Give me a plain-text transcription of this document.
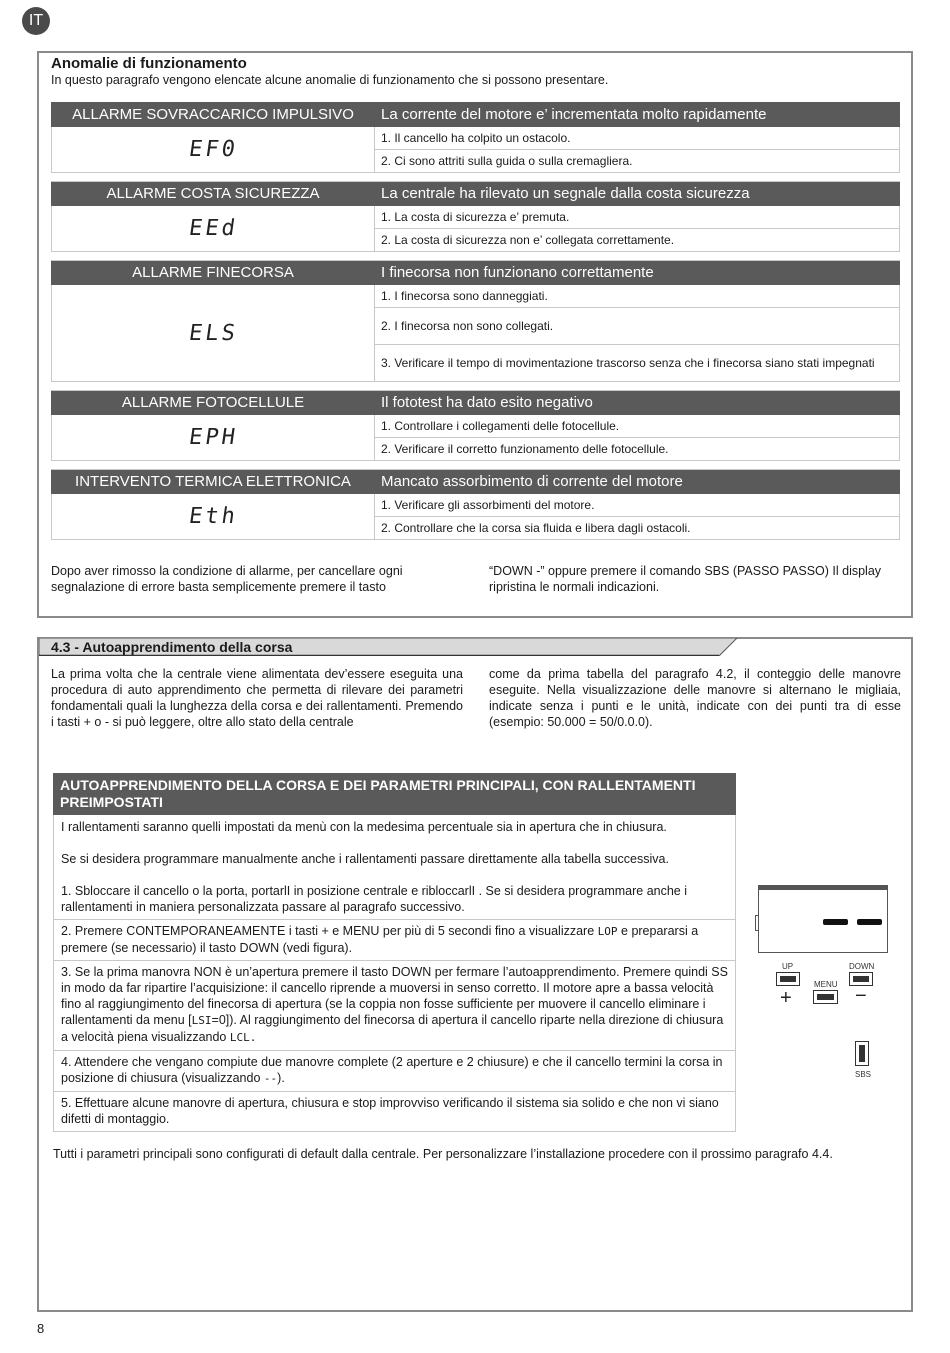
IT
Anomalie di funzionamento
In questo paragrafo vengono elencate alcune anomalie di funzionamento che si possono presentare.
ALLARME SOVRACCARICO IMPULSIVO	La corrente del motore e’ incrementata molto rapidamente
EF0	1. Il cancello ha colpito un ostacolo.
	2. Ci sono attriti sulla guida o sulla cremagliera.

ALLARME COSTA SICUREZZA	La centrale ha rilevato un segnale dalla costa sicurezza
EEd	1. La costa di sicurezza e’ premuta.
	2. La costa di sicurezza non e’ collegata correttamente.

ALLARME FINECORSA	I finecorsa non funzionano correttamente
ELS	1. I finecorsa sono danneggiati.
	2. I finecorsa non sono collegati.
	3. Verificare il tempo di movimentazione trascorso senza che i finecorsa siano stati impegnati

ALLARME FOTOCELLULE	Il fototest ha dato esito negativo
EPH	1. Controllare i collegamenti delle fotocellule.
	2. Verificare il corretto funzionamento delle fotocellule.

INTERVENTO TERMICA ELETTRONICA	Mancato assorbimento di corrente del motore
Eth	1. Verificare gli assorbimenti del motore.
	2. Controllare che la corsa sia fluida e libera dagli ostacoli.
Dopo aver rimosso la condizione di allarme, per cancellare ogni segnalazione di errore basta semplicemente premere il tasto
“DOWN -” oppure premere il comando SBS (PASSO PASSO) Il display ripristina le normali indicazioni.
4.3 - Autoapprendimento della corsa
La prima volta che la centrale viene alimentata dev’essere eseguita una procedura di auto apprendimento che permetta di rilevare dei parametri fondamentali quali la lunghezza della corsa e dei rallentamenti. Premendo i tasti + o - si può leggere, oltre allo stato della centrale
come da prima tabella del paragrafo 4.2, il conteggio delle manovre eseguite. Nella visualizzazione delle manovre si alternano le migliaia, indicate senza i punti e le unità, indicate con dei punti tra di esse (esempio: 50.000 = 50/0.0.0).
AUTOAPPRENDIMENTO DELLA CORSA E DEI PARAMETRI PRINCIPALI, CON RALLENTAMENTI PREIMPOSTATI
I rallentamenti saranno quelli impostati da menù con la medesima percentuale sia in apertura che in chiusura.
Se si desidera programmare manualmente anche i rallentamenti passare direttamente alla tabella successiva.
1. Sbloccare il cancello o la porta, portarlI in posizione centrale e ribloccarlI . Se si desidera programmare anche i rallentamenti in maniera personalizzata passare al paragrafo successivo.
2. Premere CONTEMPORANEAMENTE i tasti + e MENU per più di 5 secondi fino a visualizzare LOP e prepararsi a premere (se necessario) il tasto DOWN (vedi figura).
3. Se la prima manovra NON è un’apertura premere il tasto DOWN per fermare l’autoapprendimento. Premere quindi SS in modo da far ripartire l’acquisizione: il cancello riprende a muoversi in senso corretto. Il motore apre a bassa velocità fino al raggiungimento del finecorsa di apertura (se la coppia non fosse sufficiente per muovere il cancello eliminare i rallentamenti da menu [LSI=0]). Al raggiungimento del finecorsa di apertura il cancello riparte nella direzione di chiusura a velocità piena visualizzando LCL.
4. Attendere che vengano compiute due manovre complete (2 aperture e 2 chiusure) e che il cancello termini la corsa in posizione di chiusura (visualizzando --).
5. Effettuare alcune manovre di apertura, chiusura e stop improvviso verificando il sistema sia solido e che non vi siano difetti di montaggio.
UP	DOWN
MENU
+	−
SBS
Tutti i parametri principali sono configurati di default dalla centrale. Per personalizzare l’installazione procedere con il prossimo paragrafo 4.4.
8
